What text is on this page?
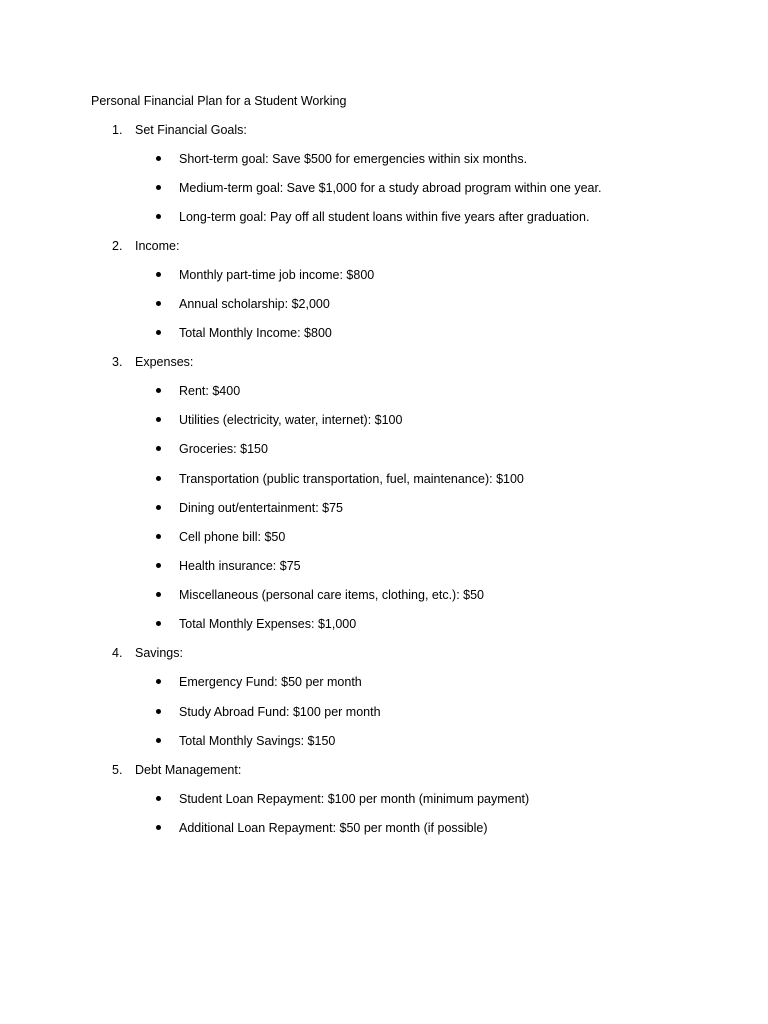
Personal Financial Plan for a Student Working
1. Set Financial Goals:
Short-term goal: Save $500 for emergencies within six months.
Medium-term goal: Save $1,000 for a study abroad program within one year.
Long-term goal: Pay off all student loans within five years after graduation.
2. Income:
Monthly part-time job income: $800
Annual scholarship: $2,000
Total Monthly Income: $800
3. Expenses:
Rent: $400
Utilities (electricity, water, internet): $100
Groceries: $150
Transportation (public transportation, fuel, maintenance): $100
Dining out/entertainment: $75
Cell phone bill: $50
Health insurance: $75
Miscellaneous (personal care items, clothing, etc.): $50
Total Monthly Expenses: $1,000
4. Savings:
Emergency Fund: $50 per month
Study Abroad Fund: $100 per month
Total Monthly Savings: $150
5. Debt Management:
Student Loan Repayment: $100 per month (minimum payment)
Additional Loan Repayment: $50 per month (if possible)
